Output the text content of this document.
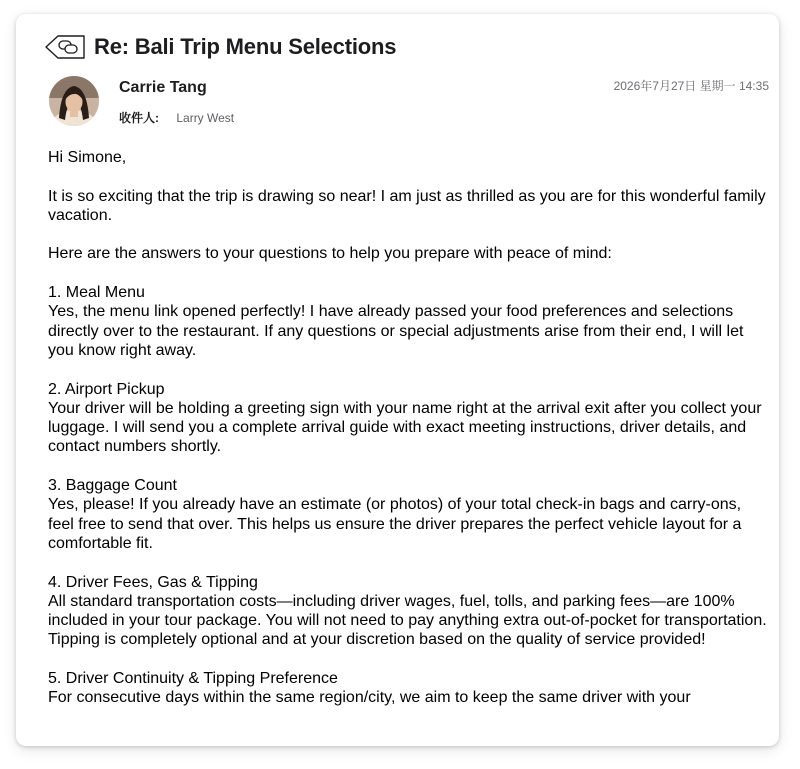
Re: Bali Trip Menu Selections
Carrie Tang
收件人: Larry West
2026年7月27日 星期一 14:35

Hi Simone,

It is so exciting that the trip is drawing so near! I am just as thrilled as you are for this wonderful family vacation.

Here are the answers to your questions to help you prepare with peace of mind:

1. Meal Menu
Yes, the menu link opened perfectly! I have already passed your food preferences and selections directly over to the restaurant. If any questions or special adjustments arise from their end, I will let you know right away.

2. Airport Pickup
Your driver will be holding a greeting sign with your name right at the arrival exit after you collect your luggage. I will send you a complete arrival guide with exact meeting instructions, driver details, and contact numbers shortly.

3. Baggage Count
Yes, please! If you already have an estimate (or photos) of your total check-in bags and carry-ons, feel free to send that over. This helps us ensure the driver prepares the perfect vehicle layout for a comfortable fit.

4. Driver Fees, Gas & Tipping
All standard transportation costs—including driver wages, fuel, tolls, and parking fees—are 100% included in your tour package. You will not need to pay anything extra out-of-pocket for transportation. Tipping is completely optional and at your discretion based on the quality of service provided!

5. Driver Continuity & Tipping Preference
For consecutive days within the same region/city, we aim to keep the same driver with your
